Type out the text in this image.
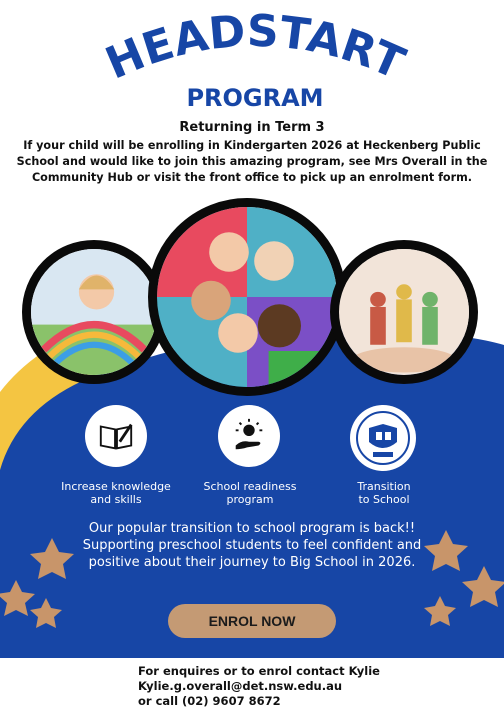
HEADSTART
PROGRAM
Returning in Term 3
If your child will be enrolling in Kindergarten 2026 at Heckenberg Public School and would like to join this amazing program, see Mrs Overall in the Community Hub or visit the front office to pick up an enrolment form.
Increase knowledge
and skills
School readiness
program
Transition
to School
Our popular transition to school program is back!! Supporting preschool students to feel confident and positive about their journey to Big School in 2026.
ENROL NOW
For enquires or to enrol contact Kylie
Kylie.g.overall@det.nsw.edu.au
or call (02) 9607 8672
